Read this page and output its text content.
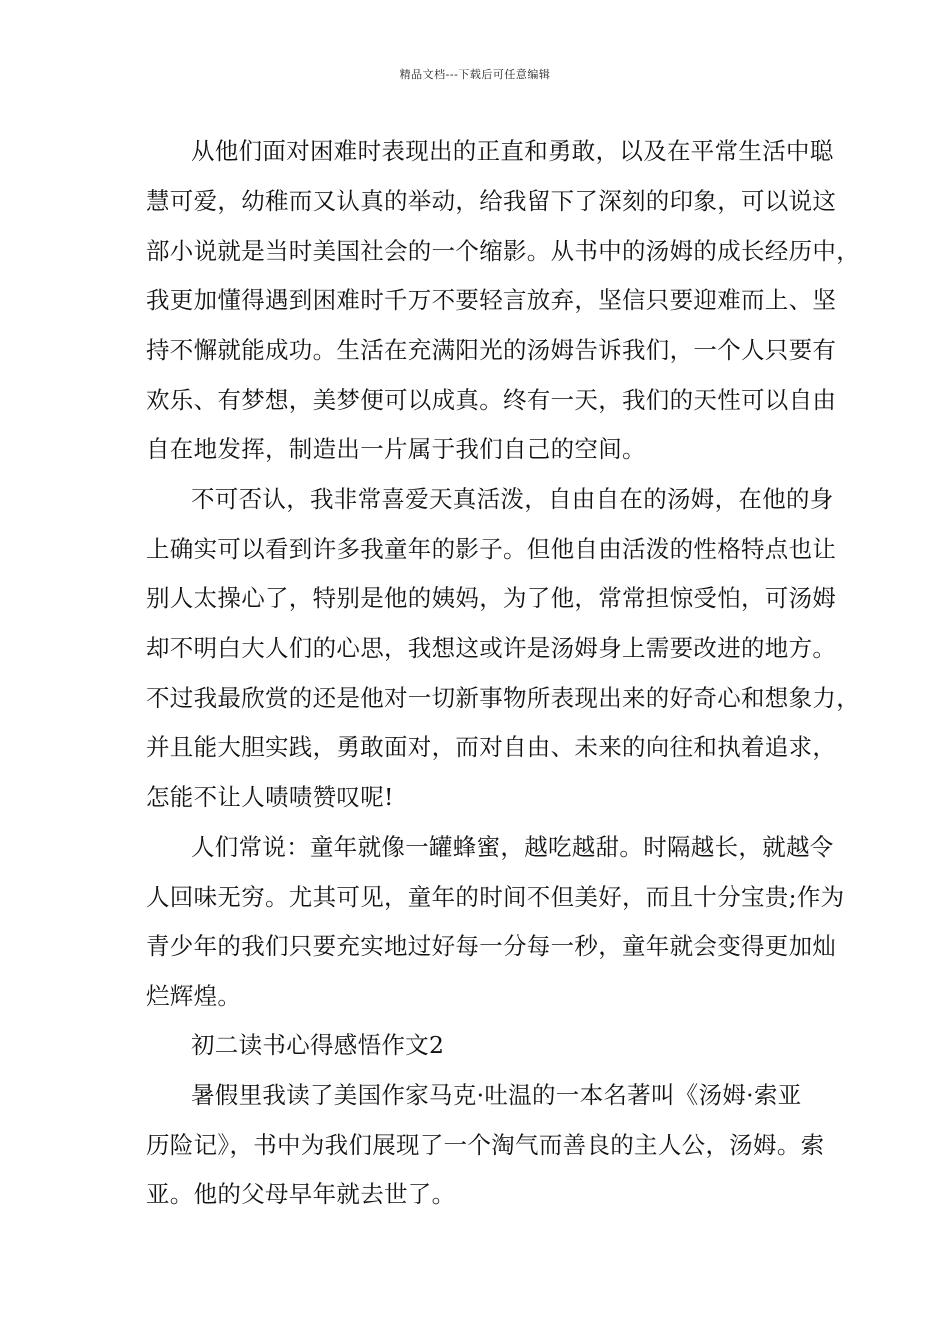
精品文档---下载后可任意编辑
从他们面对困难时表现出的正直和勇敢，以及在平常生活中聪
慧可爱，幼稚而又认真的举动，给我留下了深刻的印象，可以说这
部小说就是当时美国社会的一个缩影。从书中的汤姆的成长经历中，
我更加懂得遇到困难时千万不要轻言放弃，坚信只要迎难而上、坚
持不懈就能成功。生活在充满阳光的汤姆告诉我们，一个人只要有
欢乐、有梦想，美梦便可以成真。终有一天，我们的天性可以自由
自在地发挥，制造出一片属于我们自己的空间。
不可否认，我非常喜爱天真活泼，自由自在的汤姆，在他的身
上确实可以看到许多我童年的影子。但他自由活泼的性格特点也让
别人太操心了，特别是他的姨妈，为了他，常常担惊受怕，可汤姆
却不明白大人们的心思，我想这或许是汤姆身上需要改进的地方。
不过我最欣赏的还是他对一切新事物所表现出来的好奇心和想象力，
并且能大胆实践，勇敢面对，而对自由、未来的向往和执着追求，
怎能不让人啧啧赞叹呢!
人们常说：童年就像一罐蜂蜜，越吃越甜。时隔越长，就越令
人回味无穷。尤其可见，童年的时间不但美好，而且十分宝贵;作为
青少年的我们只要充实地过好每一分每一秒，童年就会变得更加灿
烂辉煌。
初二读书心得感悟作文2
暑假里我读了美国作家马克·吐温的一本名著叫《汤姆·索亚
历险记》，书中为我们展现了一个淘气而善良的主人公，汤姆。索
亚。他的父母早年就去世了。
